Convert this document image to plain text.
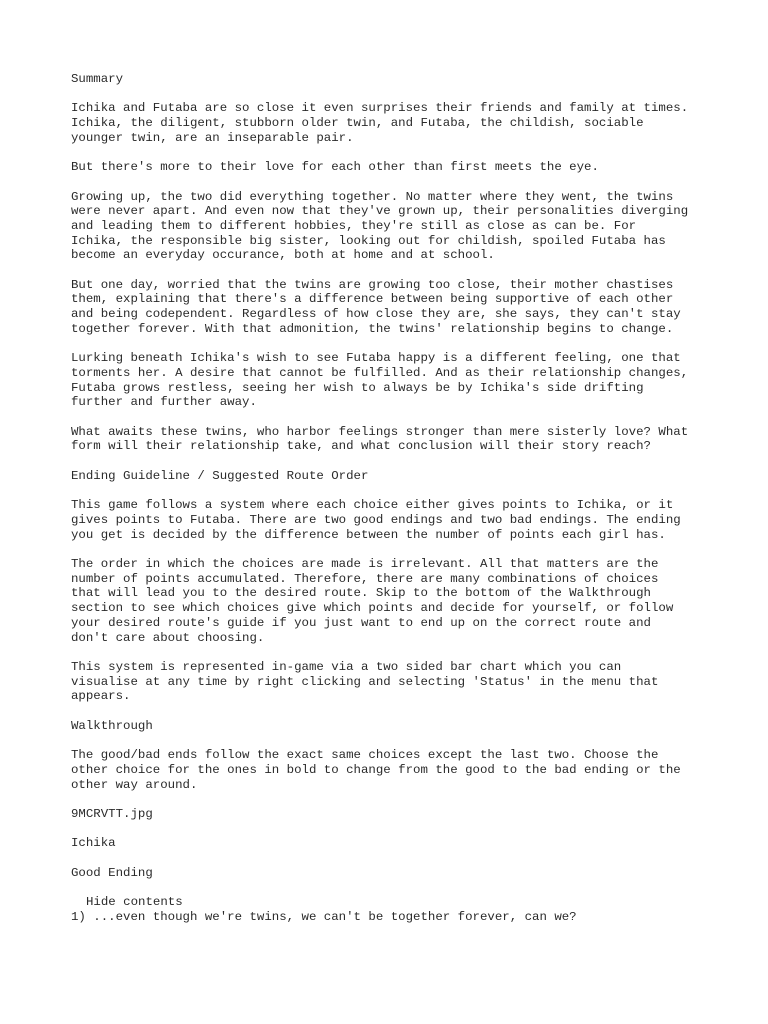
Summary

Ichika and Futaba are so close it even surprises their friends and family at times.
Ichika, the diligent, stubborn older twin, and Futaba, the childish, sociable
younger twin, are an inseparable pair.

But there's more to their love for each other than first meets the eye.

Growing up, the two did everything together. No matter where they went, the twins
were never apart. And even now that they've grown up, their personalities diverging
and leading them to different hobbies, they're still as close as can be. For
Ichika, the responsible big sister, looking out for childish, spoiled Futaba has
become an everyday occurance, both at home and at school.

But one day, worried that the twins are growing too close, their mother chastises
them, explaining that there's a difference between being supportive of each other
and being codependent. Regardless of how close they are, she says, they can't stay
together forever. With that admonition, the twins' relationship begins to change.

Lurking beneath Ichika's wish to see Futaba happy is a different feeling, one that
torments her. A desire that cannot be fulfilled. And as their relationship changes,
Futaba grows restless, seeing her wish to always be by Ichika's side drifting
further and further away.

What awaits these twins, who harbor feelings stronger than mere sisterly love? What
form will their relationship take, and what conclusion will their story reach?

Ending Guideline / Suggested Route Order

This game follows a system where each choice either gives points to Ichika, or it
gives points to Futaba. There are two good endings and two bad endings. The ending
you get is decided by the difference between the number of points each girl has.

The order in which the choices are made is irrelevant. All that matters are the
number of points accumulated. Therefore, there are many combinations of choices
that will lead you to the desired route. Skip to the bottom of the Walkthrough
section to see which choices give which points and decide for yourself, or follow
your desired route's guide if you just want to end up on the correct route and
don't care about choosing.

This system is represented in-game via a two sided bar chart which you can
visualise at any time by right clicking and selecting 'Status' in the menu that
appears.

Walkthrough

The good/bad ends follow the exact same choices except the last two. Choose the
other choice for the ones in bold to change from the good to the bad ending or the
other way around.

9MCRVTT.jpg

Ichika

Good Ending

Hide contents

1) ...even though we're twins, we can't be together forever, can we?
